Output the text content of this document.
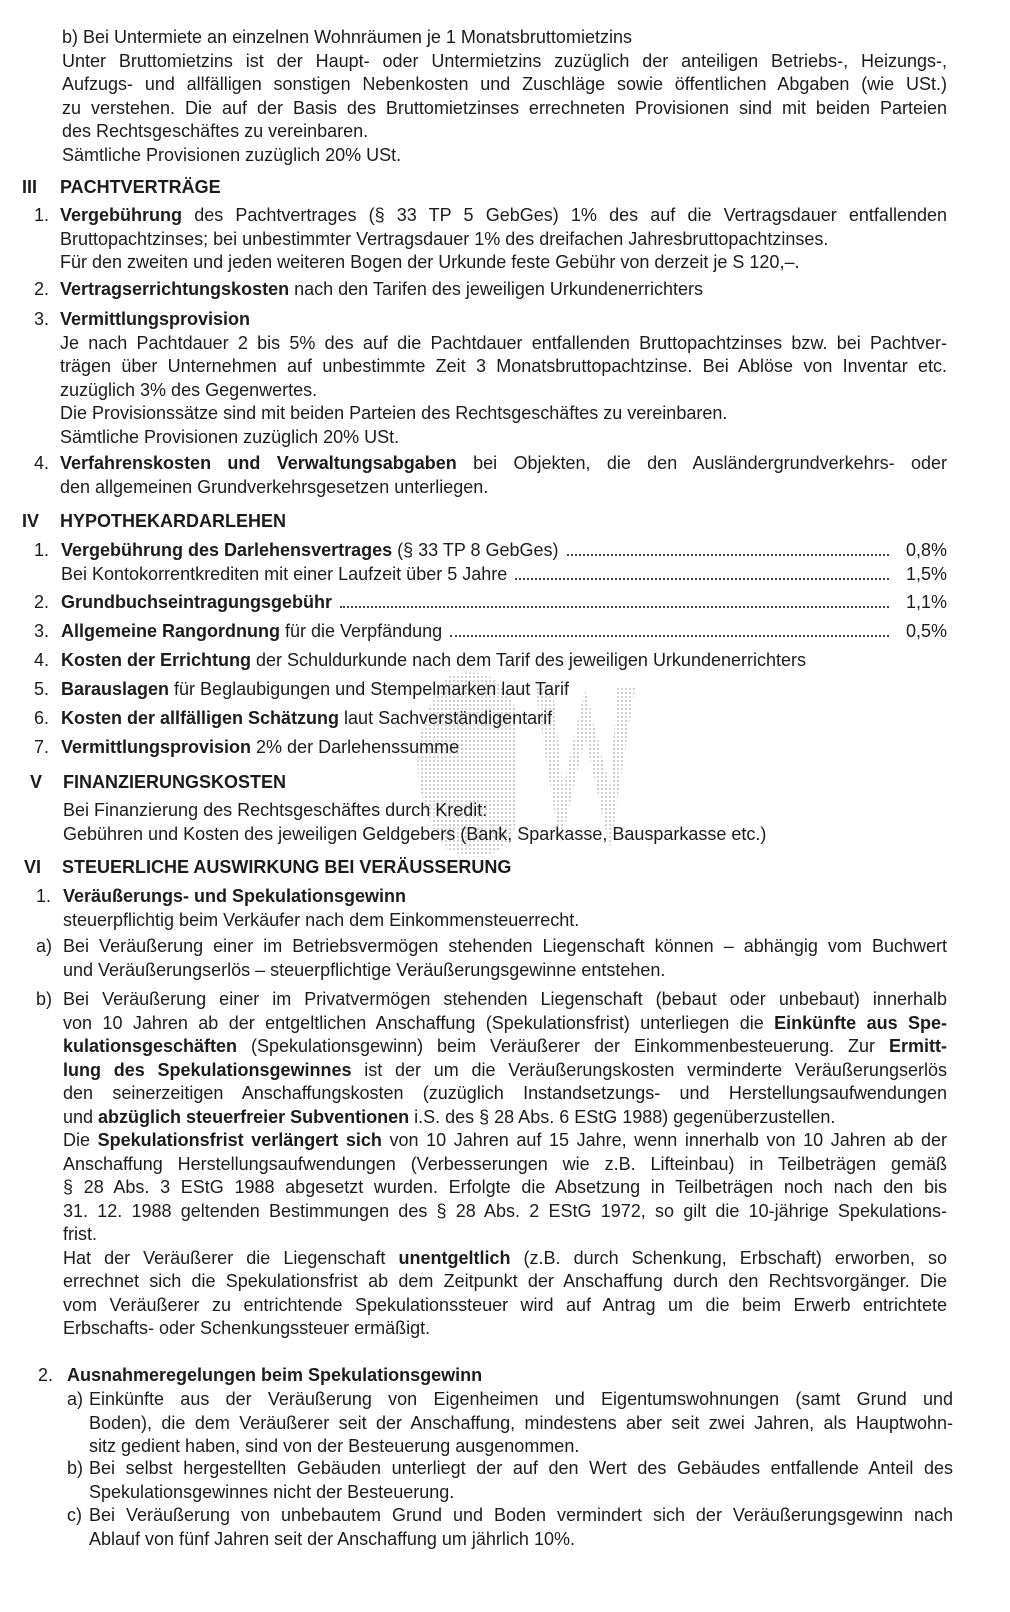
b) Bei Untermiete an einzelnen Wohnräumen je 1 Monatsbruttomietzins
Unter Bruttomietzins ist der Haupt- oder Untermietzins zuzüglich der anteiligen Betriebs-, Heizungs-,
Aufzugs- und allfälligen sonstigen Nebenkosten und Zuschläge sowie öffentlichen Abgaben (wie USt.)
zu verstehen. Die auf der Basis des Bruttomietzinses errechneten Provisionen sind mit beiden Parteien
des Rechtsgeschäftes zu vereinbaren.
Sämtliche Provisionen zuzüglich 20% USt.
III PACHTVERTRÄGE
1. Vergebührung des Pachtvertrages (§ 33 TP 5 GebGes) 1% des auf die Vertragsdauer entfallenden
Bruttopachtzinses; bei unbestimmter Vertragsdauer 1% des dreifachen Jahresbruttopachtzinses.
Für den zweiten und jeden weiteren Bogen der Urkunde feste Gebühr von derzeit je S 120,–.
2. Vertragserrichtungskosten nach den Tarifen des jeweiligen Urkundenerrichters
3. Vermittlungsprovision
Je nach Pachtdauer 2 bis 5% des auf die Pachtdauer entfallenden Bruttopachtzinses bzw. bei Pachtver-
trägen über Unternehmen auf unbestimmte Zeit 3 Monatsbruttopachtzinse. Bei Ablöse von Inventar etc.
zuzüglich 3% des Gegenwertes.
Die Provisionssätze sind mit beiden Parteien des Rechtsgeschäftes zu vereinbaren.
Sämtliche Provisionen zuzüglich 20% USt.
4. Verfahrenskosten und Verwaltungsabgaben bei Objekten, die den Ausländergrundverkehrs- oder
den allgemeinen Grundverkehrsgesetzen unterliegen.
IV HYPOTHEKARDARLEHEN
1. Vergebührung des Darlehensvertrages (§ 33 TP 8 GebGes)	0,8%
Bei Kontokorrentkrediten mit einer Laufzeit über 5 Jahre	1,5%
2. Grundbuchseintragungsgebühr	1,1%
3. Allgemeine Rangordnung für die Verpfändung	0,5%
4. Kosten der Errichtung der Schuldurkunde nach dem Tarif des jeweiligen Urkundenerrichters
5. Barauslagen für Beglaubigungen und Stempelmarken laut Tarif
6. Kosten der allfälligen Schätzung laut Sachverständigentarif
7. Vermittlungsprovision 2% der Darlehenssumme
V FINANZIERUNGSKOSTEN
Bei Finanzierung des Rechtsgeschäftes durch Kredit:
Gebühren und Kosten des jeweiligen Geldgebers (Bank, Sparkasse, Bausparkasse etc.)
VI STEUERLICHE AUSWIRKUNG BEI VERÄUSSERUNG
1. Veräußerungs- und Spekulationsgewinn
steuerpflichtig beim Verkäufer nach dem Einkommensteuerrecht.
a) Bei Veräußerung einer im Betriebsvermögen stehenden Liegenschaft können – abhängig vom Buchwert
und Veräußerungserlös – steuerpflichtige Veräußerungsgewinne entstehen.
b) Bei Veräußerung einer im Privatvermögen stehenden Liegenschaft (bebaut oder unbebaut) innerhalb
von 10 Jahren ab der entgeltlichen Anschaffung (Spekulationsfrist) unterliegen die Einkünfte aus Spe-
kulationsgeschäften (Spekulationsgewinn) beim Veräußerer der Einkommenbesteuerung. Zur Ermitt-
lung des Spekulationsgewinnes ist der um die Veräußerungskosten verminderte Veräußerungserlös
den seinerzeitigen Anschaffungskosten (zuzüglich Instandsetzungs- und Herstellungsaufwendungen
und abzüglich steuerfreier Subventionen i.S. des § 28 Abs. 6 EStG 1988) gegenüberzustellen.
Die Spekulationsfrist verlängert sich von 10 Jahren auf 15 Jahre, wenn innerhalb von 10 Jahren ab der
Anschaffung Herstellungsaufwendungen (Verbesserungen wie z.B. Lifteinbau) in Teilbeträgen gemäß
§ 28 Abs. 3 EStG 1988 abgesetzt wurden. Erfolgte die Absetzung in Teilbeträgen noch nach den bis
31. 12. 1988 geltenden Bestimmungen des § 28 Abs. 2 EStG 1972, so gilt die 10-jährige Spekulations-
frist.
Hat der Veräußerer die Liegenschaft unentgeltlich (z.B. durch Schenkung, Erbschaft) erworben, so
errechnet sich die Spekulationsfrist ab dem Zeitpunkt der Anschaffung durch den Rechtsvorgänger. Die
vom Veräußerer zu entrichtende Spekulationssteuer wird auf Antrag um die beim Erwerb entrichtete
Erbschafts- oder Schenkungssteuer ermäßigt.
2. Ausnahmeregelungen beim Spekulationsgewinn
a) Einkünfte aus der Veräußerung von Eigenheimen und Eigentumswohnungen (samt Grund und
Boden), die dem Veräußerer seit der Anschaffung, mindestens aber seit zwei Jahren, als Hauptwohn-
sitz gedient haben, sind von der Besteuerung ausgenommen.
b) Bei selbst hergestellten Gebäuden unterliegt der auf den Wert des Gebäudes entfallende Anteil des
Spekulationsgewinnes nicht der Besteuerung.
c) Bei Veräußerung von unbebautem Grund und Boden vermindert sich der Veräußerungsgewinn nach
Ablauf von fünf Jahren seit der Anschaffung um jährlich 10%.
